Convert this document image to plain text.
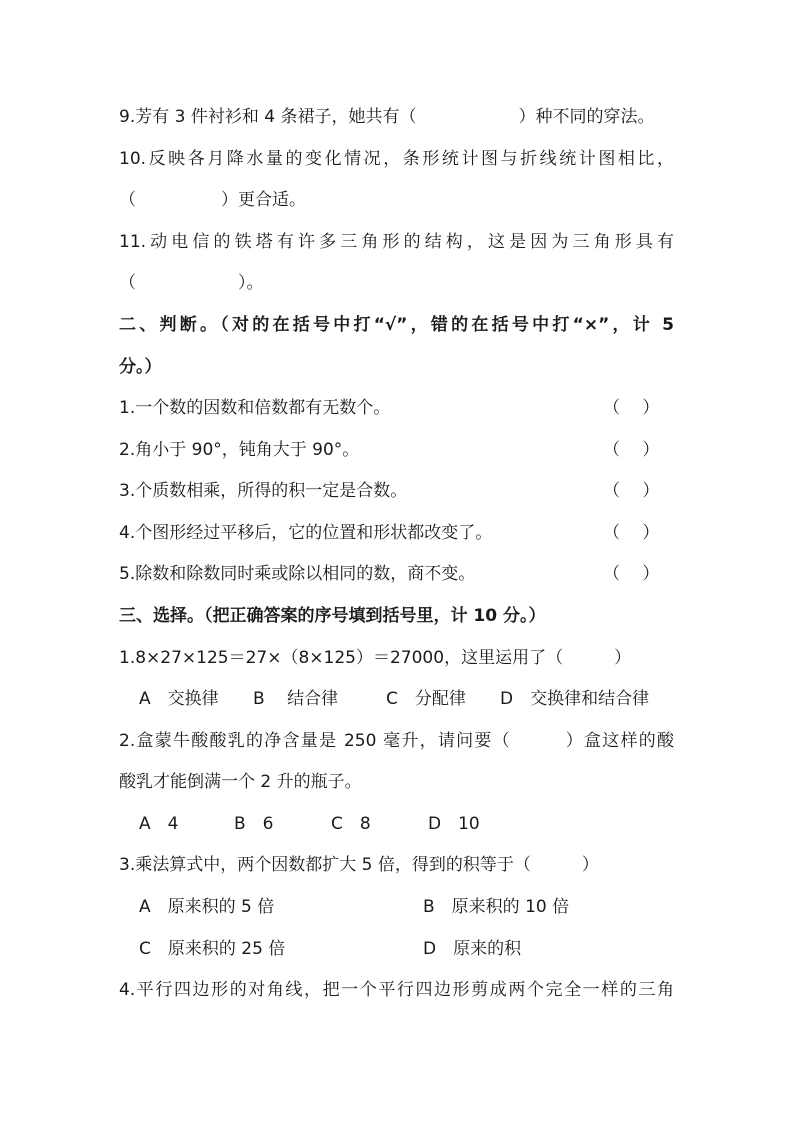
9.芳有 3 件衬衫和 4 条裙子，她共有（　　　　　　）种不同的穿法。
10.反映各月降水量的变化情况，条形统计图与折线统计图相比，
（　　　　　）更合适。
11.动电信的铁塔有许多三角形的结构，这是因为三角形具有
（　　　　　　）。
二、判断。（对的在括号中打“√”，错的在括号中打“×”，计 5
分。）
1.一个数的因数和倍数都有无数个。	（　 ）
2.角小于 90°，钝角大于 90°。	（　 ）
3.个质数相乘，所得的积一定是合数。	（　 ）
4.个图形经过平移后，它的位置和形状都改变了。	（　 ）
5.除数和除数同时乘或除以相同的数，商不变。	（　 ）
三、选择。（把正确答案的序号填到括号里，计 10 分。）
1.8×27×125＝27×（8×125）＝27000，这里运用了（　　　）
A　交换律 B　 结合律	C　分配律 D　交换律和结合律
2.盒蒙牛酸酸乳的净含量是 250 毫升，请问要（　　　）盒这样的酸
酸乳才能倒满一个 2 升的瓶子。
A　4	B　6	C　8	D　10
3.乘法算式中，两个因数都扩大 5 倍，得到的积等于（　　　）
A　原来积的 5 倍	B　原来积的 10 倍
C　原来积的 25 倍	D　原来的积
4.平行四边形的对角线，把一个平行四边形剪成两个完全一样的三角
